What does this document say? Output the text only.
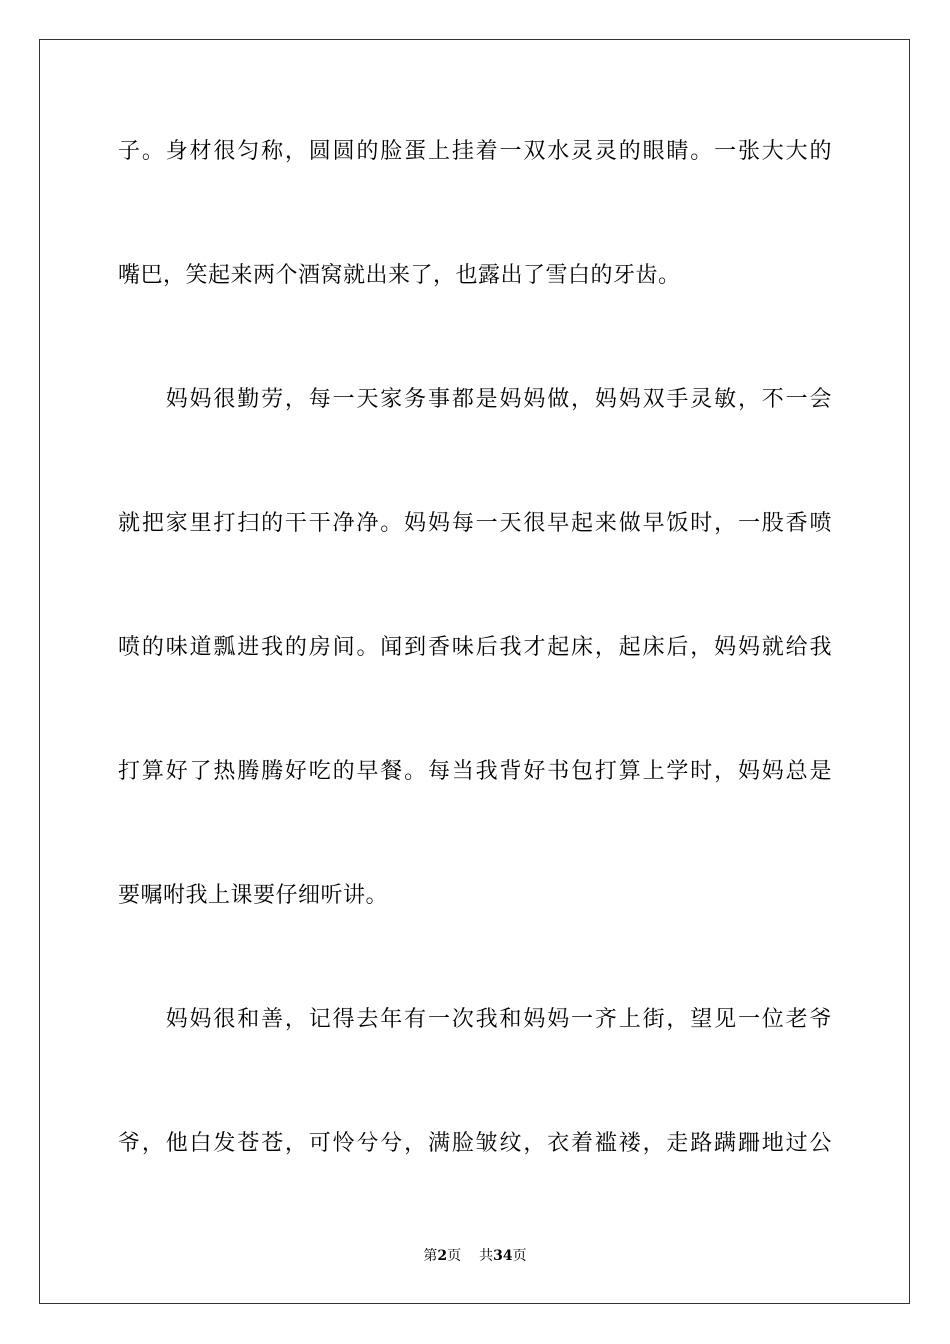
子。身材很匀称，圆圆的脸蛋上挂着一双水灵灵的眼睛。一张大大的
嘴巴，笑起来两个酒窝就出来了，也露出了雪白的牙齿。
　　妈妈很勤劳，每一天家务事都是妈妈做，妈妈双手灵敏，不一会
就把家里打扫的干干净净。妈妈每一天很早起来做早饭时，一股香喷
喷的味道瓢进我的房间。闻到香味后我才起床，起床后，妈妈就给我
打算好了热腾腾好吃的早餐。每当我背好书包打算上学时，妈妈总是
要嘱咐我上课要仔细听讲。
　　妈妈很和善，记得去年有一次我和妈妈一齐上街，望见一位老爷
爷，他白发苍苍，可怜兮兮，满脸皱纹，衣着褴褛，走路蹒跚地过公
第2页 共34页
